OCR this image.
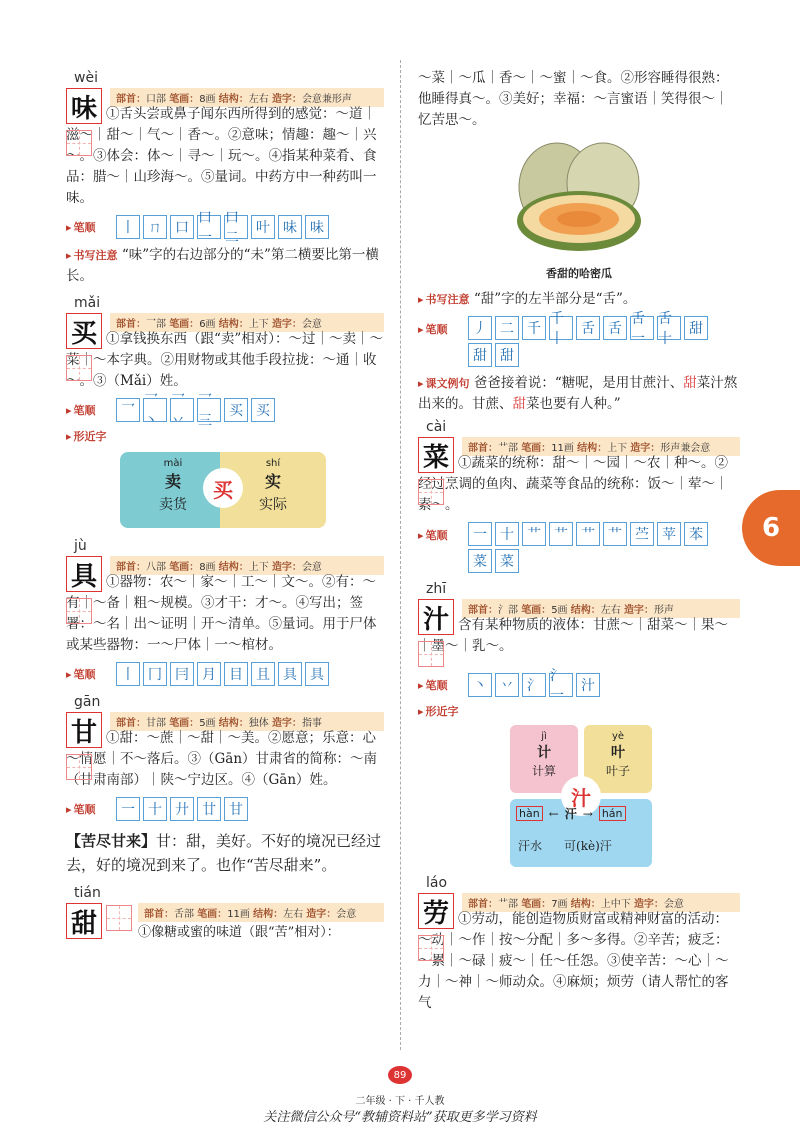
wèi
味	部首：口部 笔画：8画 结构：左右 造字：会意兼形声
①舌头尝或鼻子闻东西所得到的感觉：～道｜滋～｜甜～｜气～｜香～。②意味；情趣：趣～｜兴～。③体会：体～｜寻～｜玩～。④指某种菜肴、食品：腊～｜山珍海～。⑤量词。中药方中一种药叫一味。
▸ 笔顺	丨 ㄇ 口
口一
口二
叶 味 味
▸ 书写注意 “味”字的右边部分的“未”第二横要比第一横长。
mǎi
买	部首：乛部 笔画：6画 结构：上下 造字：会意
①拿钱换东西（跟“卖”相对）：～过｜～卖｜～菜｜～本字典。②用财物或其他手段拉拢：～通｜收～。③（Mǎi）姓。
▸ 笔顺	乛
乛丶
乛丷
乛三
买 买
▸ 形近字
mài
卖
卖货
shí
实
实际
买
jù
具	部首：八部 笔画：8画 结构：上下 造字：会意
①器物：农～｜家～｜工～｜文～。②有：～有｜～备｜粗～规模。③才干：才～。④写出；签署：～名｜出～证明｜开～清单。⑤量词。用于尸体或某些器物：一～尸体｜一～棺材。
▸ 笔顺	丨 冂 冃 月 目 且 具 具
gān
甘	部首：甘部 笔画：5画 结构：独体 造字：指事
①甜：～蔗｜～甜｜～美。②愿意；乐意：心～情愿｜不～落后。③（Gān）甘肃省的简称：～南（甘肃南部）｜陕～宁边区。④（Gān）姓。
▸ 笔顺	一 十 廾 廿 甘
【苦尽甘来】甘：甜，美好。不好的境况已经过去，好的境况到来了。也作“苦尽甜来”。
tián
甜	部首：舌部 笔画：11画 结构：左右 造字：会意
①像糖或蜜的味道（跟“苦”相对）：
～菜｜～瓜｜香～｜～蜜｜～食。②形容睡得很熟：他睡得真～。③美好；幸福：～言蜜语｜笑得很～｜忆苦思～。
香甜的哈密瓜
▸ 书写注意 “甜”字的左半部分是“舌”。
▸ 笔顺	丿 二 千
千丨
舌 舌
舌一
舌十
甜
甜 甜
▸ 课文例句 爸爸接着说：“糖呢，是用甘蔗汁、甜菜汁熬出来的。甘蔗、甜菜也要有人种。”
cài
菜	部首：艹部 笔画：11画 结构：上下 造字：形声兼会意
①蔬菜的统称：甜～｜～园｜～农｜种～。②经过烹调的鱼肉、蔬菜等食品的统称：饭～｜荤～｜素～。
▸ 笔顺	一 十 艹 艹 艹 艹 苎 苹 苯
菜 菜
zhī
汁	部首：氵部 笔画：5画 结构：左右 造字：形声
含有某种物质的液体：甘蔗～｜甜菜～｜果～｜墨～｜乳～。
▸ 笔顺	丶 丷 氵
氵一
汁
▸ 形近字
jì
计
计算
yè
叶
叶子
汁
hàn ← 汗 → hán
汗水 可(kè)汗
láo
劳	部首：艹部 笔画：7画 结构：上中下 造字：会意
①劳动，能创造物质财富或精神财富的活动：～动｜～作｜按～分配｜多～多得。②辛苦；疲乏：～累｜～碌｜疲～｜任～任怨。③使辛苦：～心｜～力｜～神｜～师动众。④麻烦；烦劳（请人帮忙的客气
6
89
二年级 · 下 · 千人教
关注微信公众号“教辅资料站”获取更多学习资料
